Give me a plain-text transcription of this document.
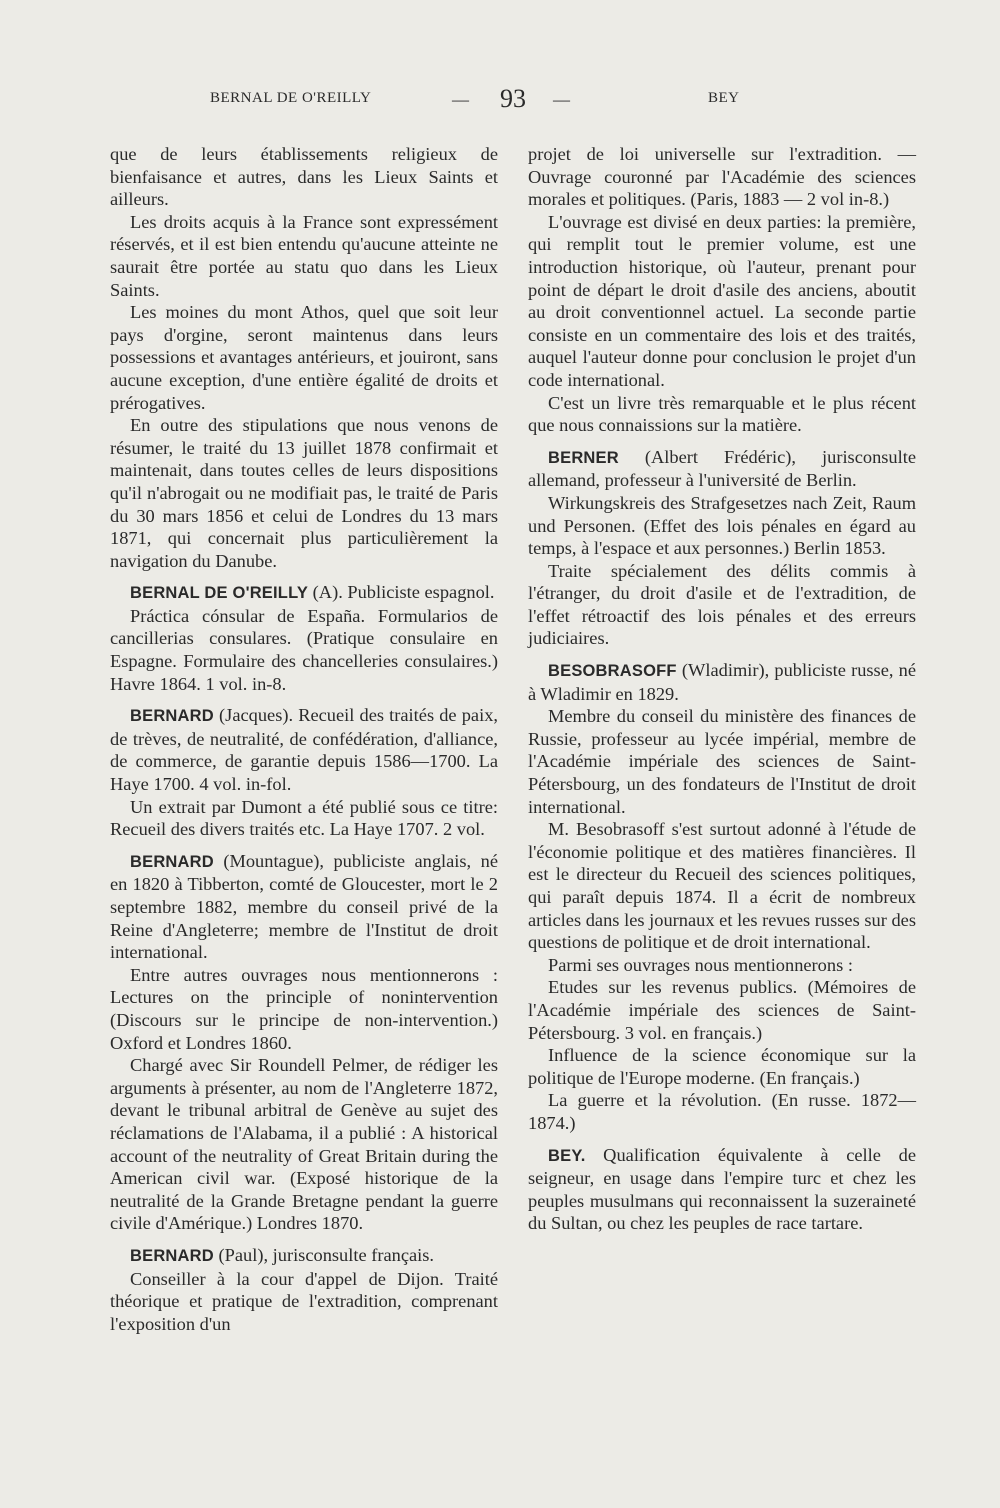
BERNAL DE O'REILLY	— 93 —	BEY

que de leurs établissements religieux de bienfaisance et autres, dans les Lieux Saints et ailleurs.

Les droits acquis à la France sont expressément réservés, et il est bien entendu qu'aucune atteinte ne saurait être portée au statu quo dans les Lieux Saints.

Les moines du mont Athos, quel que soit leur pays d'orgine, seront maintenus dans leurs possessions et avantages antérieurs, et jouiront, sans aucune exception, d'une entière égalité de droits et prérogatives.

En outre des stipulations que nous venons de résumer, le traité du 13 juillet 1878 confirmait et maintenait, dans toutes celles de leurs dispositions qu'il n'abrogait ou ne modifiait pas, le traité de Paris du 30 mars 1856 et celui de Londres du 13 mars 1871, qui concernait plus particulièrement la navigation du Danube.

BERNAL DE O'REILLY (A). Publiciste espagnol.

Práctica cónsular de España. Formularios de cancillerias consulares. (Pratique consulaire en Espagne. Formulaire des chancelleries consulaires.) Havre 1864. 1 vol. in-8.

BERNARD (Jacques). Recueil des traités de paix, de trèves, de neutralité, de confédération, d'alliance, de commerce, de garantie depuis 1586—1700. La Haye 1700. 4 vol. in-fol.

Un extrait par Dumont a été publié sous ce titre: Recueil des divers traités etc. La Haye 1707. 2 vol.

BERNARD (Mountague), publiciste anglais, né en 1820 à Tibberton, comté de Gloucester, mort le 2 septembre 1882, membre du conseil privé de la Reine d'Angleterre; membre de l'Institut de droit international.

Entre autres ouvrages nous mentionnerons : Lectures on the principle of nonintervention (Discours sur le principe de non-intervention.) Oxford et Londres 1860.

Chargé avec Sir Roundell Pelmer, de rédiger les arguments à présenter, au nom de l'Angleterre 1872, devant le tribunal arbitral de Genève au sujet des réclamations de l'Alabama, il a publié : A historical account of the neutrality of Great Britain during the American civil war. (Exposé historique de la neutralité de la Grande Bretagne pendant la guerre civile d'Amérique.) Londres 1870.

BERNARD (Paul), jurisconsulte français.

Conseiller à la cour d'appel de Dijon. Traité théorique et pratique de l'extradition, comprenant l'exposition d'un

projet de loi universelle sur l'extradition. — Ouvrage couronné par l'Académie des sciences morales et politiques. (Paris, 1883 — 2 vol in-8.)

L'ouvrage est divisé en deux parties: la première, qui remplit tout le premier volume, est une introduction historique, où l'auteur, prenant pour point de départ le droit d'asile des anciens, aboutit au droit conventionnel actuel. La seconde partie consiste en un commentaire des lois et des traités, auquel l'auteur donne pour conclusion le projet d'un code international.

C'est un livre très remarquable et le plus récent que nous connaissions sur la matière.

BERNER (Albert Frédéric), jurisconsulte allemand, professeur à l'université de Berlin.

Wirkungskreis des Strafgesetzes nach Zeit, Raum und Personen. (Effet des lois pénales en égard au temps, à l'espace et aux personnes.) Berlin 1853.

Traite spécialement des délits commis à l'étranger, du droit d'asile et de l'extradition, de l'effet rétroactif des lois pénales et des erreurs judiciaires.

BESOBRASOFF (Wladimir), publiciste russe, né à Wladimir en 1829.

Membre du conseil du ministère des finances de Russie, professeur au lycée impérial, membre de l'Académie impériale des sciences de Saint-Pétersbourg, un des fondateurs de l'Institut de droit international.

M. Besobrasoff s'est surtout adonné à l'étude de l'économie politique et des matières financières. Il est le directeur du Recueil des sciences politiques, qui paraît depuis 1874. Il a écrit de nombreux articles dans les journaux et les revues russes sur des questions de politique et de droit international.

Parmi ses ouvrages nous mentionnerons :

Etudes sur les revenus publics. (Mémoires de l'Académie impériale des sciences de Saint-Pétersbourg. 3 vol. en français.)

Influence de la science économique sur la politique de l'Europe moderne. (En français.)

La guerre et la révolution. (En russe. 1872—1874.)

BEY. Qualification équivalente à celle de seigneur, en usage dans l'empire turc et chez les peuples musulmans qui reconnaissent la suzeraineté du Sultan, ou chez les peuples de race tartare.
